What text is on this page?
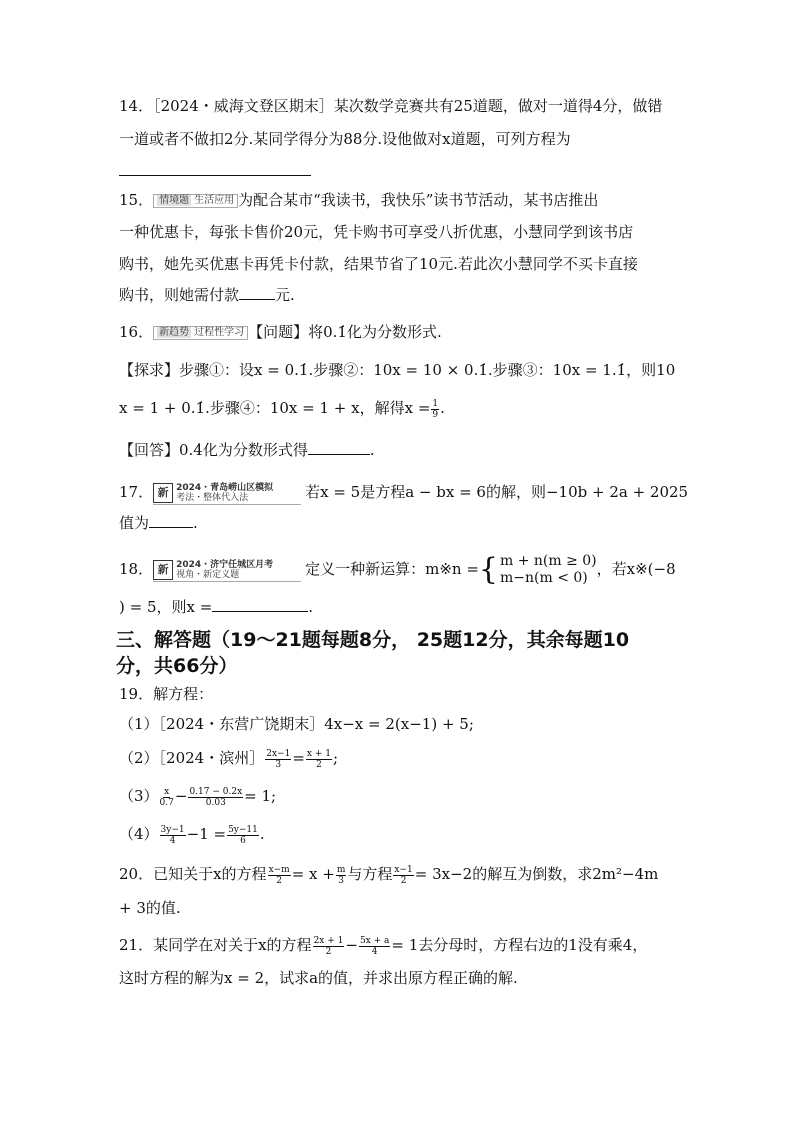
14．［2024・威海文登区期末］某次数学竞赛共有25道题，做对一道得4分，做错
一道或者不做扣2分.某同学得分为88分.设他做对x道题，可列方程为
15． 情境题 生活应用 为配合某市“我读书，我快乐”读书节活动，某书店推出
一种优惠卡，每张卡售价20元，凭卡购书可享受八折优惠，小慧同学到该书店
购书，她先买优惠卡再凭卡付款，结果节省了10元.若此次小慧同学不买卡直接
购书，则她需付款 元.
16． 新趋势 过程性学习 【问题】将0.1̇化为分数形式.
【探求】步骤①：设x = 0.1̇.步骤②：10x = 10 × 0.1̇.步骤③：10x = 1.1̇，则10
x = 1 + 0.1̇.步骤④：10x = 1 + x，解得$x = \frac{1}{9}$ .
【回答】0.4̇化为分数形式得	.
17． 新 2024・青岛崂山区模拟
考法・整体代入法	若x = 5是方程a − bx = 6的解，则−10b + 2a + 2025
值为	.
18． 新 2024・济宁任城区月考
视角・新定义题	定义一种新运算：m※n = { m + n(m ≥ 0)
m−n(m < 0) ，若x※(−8
) = 5，则x =	.
三、解答题（19～21题每题8分， 25题12分，其余每题10
分，共66分）
19．解方程：
（1）［2024・东营广饶期末］4x−x = 2(x−1) + 5;
（2）［2024・滨州］ $\frac{2x-1}{3} = \frac{x + 1}{2}$ ;
$(3) \frac{x}{0.7} - \frac{0.17 - 0.2x}{0.03} = 1$;
$(4) \frac{3y-1}{4} -1 = \frac{5y-11}{6}$ .
20．已知关于x的方程 $\frac{x-m}{2} = x + \frac{m}{3}$ 与方程 $\frac{x-1}{2} = 3x-2$的解互为倒数，求2m²−4m
+ 3的值.
21．某同学在对关于x的方程 $\frac{2x + 1}{2} - \frac{5x + a}{4} = 1$去分母时，方程右边的1没有乘4，
这时方程的解为x = 2，试求a的值，并求出原方程正确的解.
